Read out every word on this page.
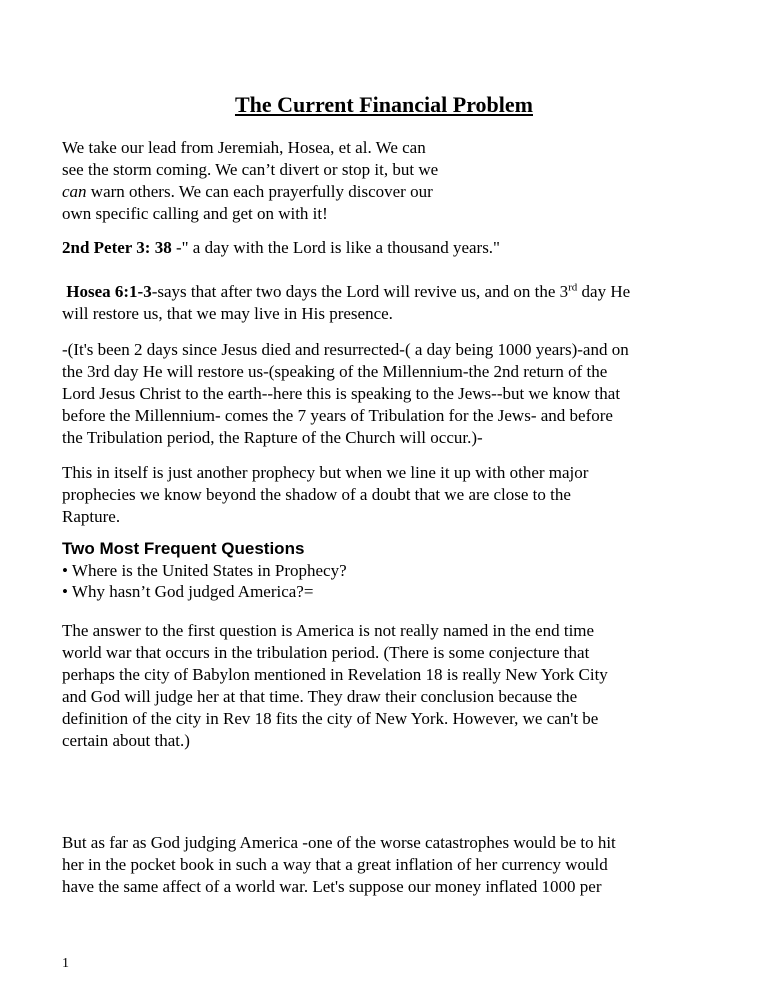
The Current Financial Problem

We take our lead from Jeremiah, Hosea, et al. We can

see the storm coming. We can’t divert or stop it, but we

can warn others. We can each prayerfully discover our

own specific calling and get on with it!

2nd Peter 3: 38 -" a day with the Lord is like a thousand years."

Hosea 6:1-3-says that after two days the Lord will revive us, and on the 3rd day He

will restore us, that we may live in His presence.

-(It's been 2 days since Jesus died and resurrected-( a day being 1000 years)-and on

the 3rd day He will restore us-(speaking of the Millennium-the 2nd return of the

Lord Jesus Christ to the earth--here this is speaking to the Jews--but we know that

before the Millennium- comes the 7 years of Tribulation for the Jews- and before

the Tribulation period, the Rapture of the Church will occur.)-

This in itself is just another prophecy but when we line it up with other major

prophecies we know beyond the shadow of a doubt that we are close to the

Rapture.

Two Most Frequent Questions
• Where is the United States in Prophecy?
• Why hasn’t God judged America?=

The answer to the first question is America is not really named in the end time

world war that occurs in the tribulation period. (There is some conjecture that

perhaps the city of Babylon mentioned in Revelation 18 is really New York City

and God will judge her at that time. They draw their conclusion because the

definition of the city in Rev 18 fits the city of New York. However, we can't be

certain about that.)

But as far as God judging America -one of the worse catastrophes would be to hit

her in the pocket book in such a way that a great inflation of her currency would

have the same affect of a world war. Let's suppose our money inflated 1000 per

1
